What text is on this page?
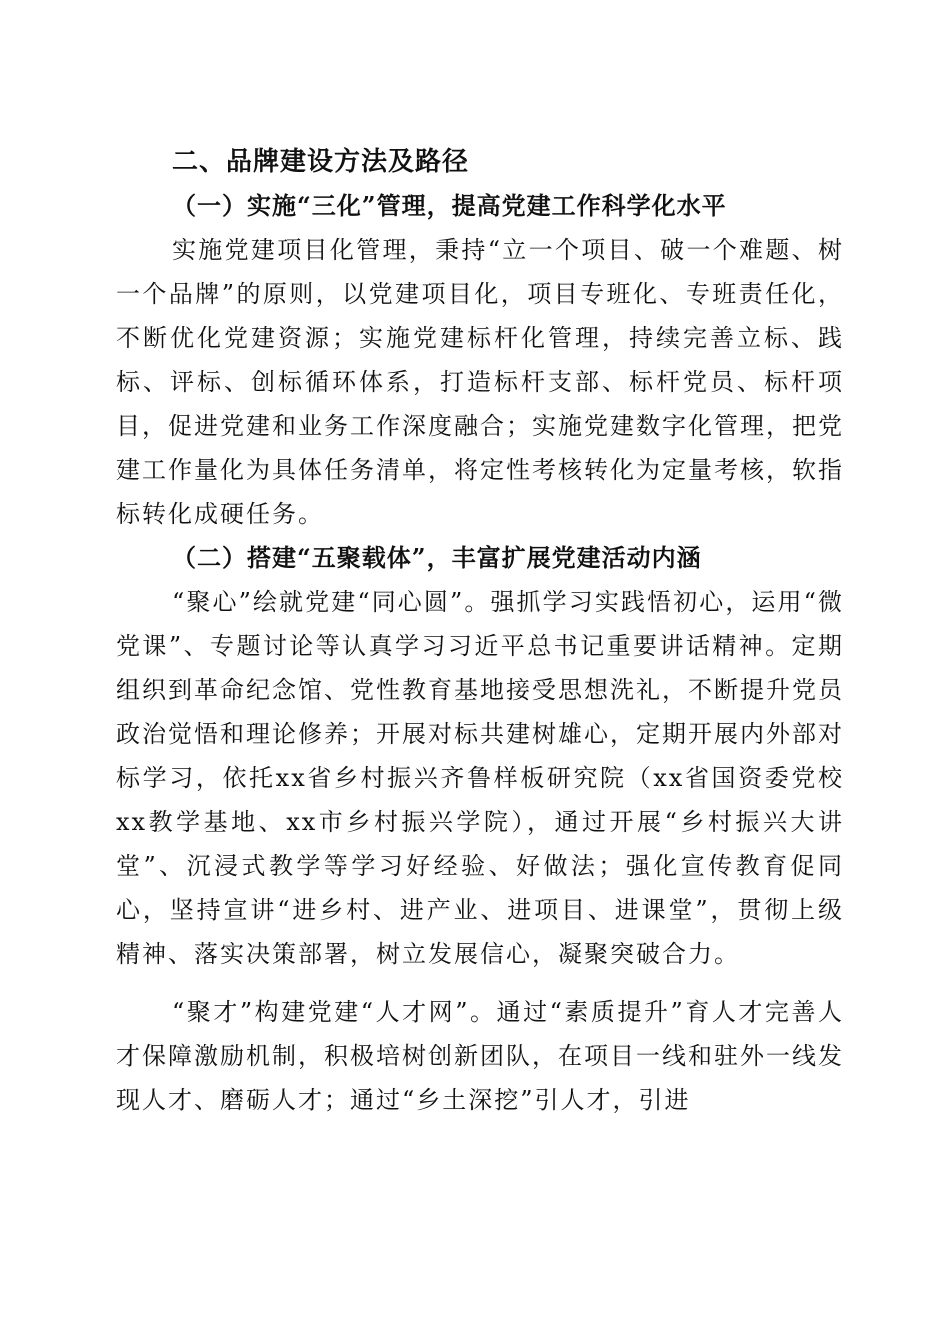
二、品牌建设方法及路径
（一）实施“三化”管理，提高党建工作科学化水平

实施党建项目化管理，秉持“立一个项目、破一个难题、树一个品牌”的原则，以党建项目化，项目专班化、专班责任化，不断优化党建资源；实施党建标杆化管理，持续完善立标、践标、评标、创标循环体系，打造标杆支部、标杆党员、标杆项目，促进党建和业务工作深度融合；实施党建数字化管理，把党建工作量化为具体任务清单，将定性考核转化为定量考核，软指标转化成硬任务。

（二）搭建“五聚载体”，丰富扩展党建活动内涵

“聚心”绘就党建“同心圆”。强抓学习实践悟初心，运用“微党课”、专题讨论等认真学习习近平总书记重要讲话精神。定期组织到革命纪念馆、党性教育基地接受思想洗礼，不断提升党员政治觉悟和理论修养；开展对标共建树雄心，定期开展内外部对标学习，依托xx省乡村振兴齐鲁样板研究院（xx省国资委党校xx教学基地、xx市乡村振兴学院），通过开展“乡村振兴大讲堂”、沉浸式教学等学习好经验、好做法；强化宣传教育促同心，坚持宣讲“进乡村、进产业、进项目、进课堂”，贯彻上级精神、落实决策部署，树立发展信心，凝聚突破合力。

“聚才”构建党建“人才网”。通过“素质提升”育人才完善人才保障激励机制，积极培树创新团队，在项目一线和驻外一线发现人才、磨砺人才；通过“乡土深挖”引人才，引进
